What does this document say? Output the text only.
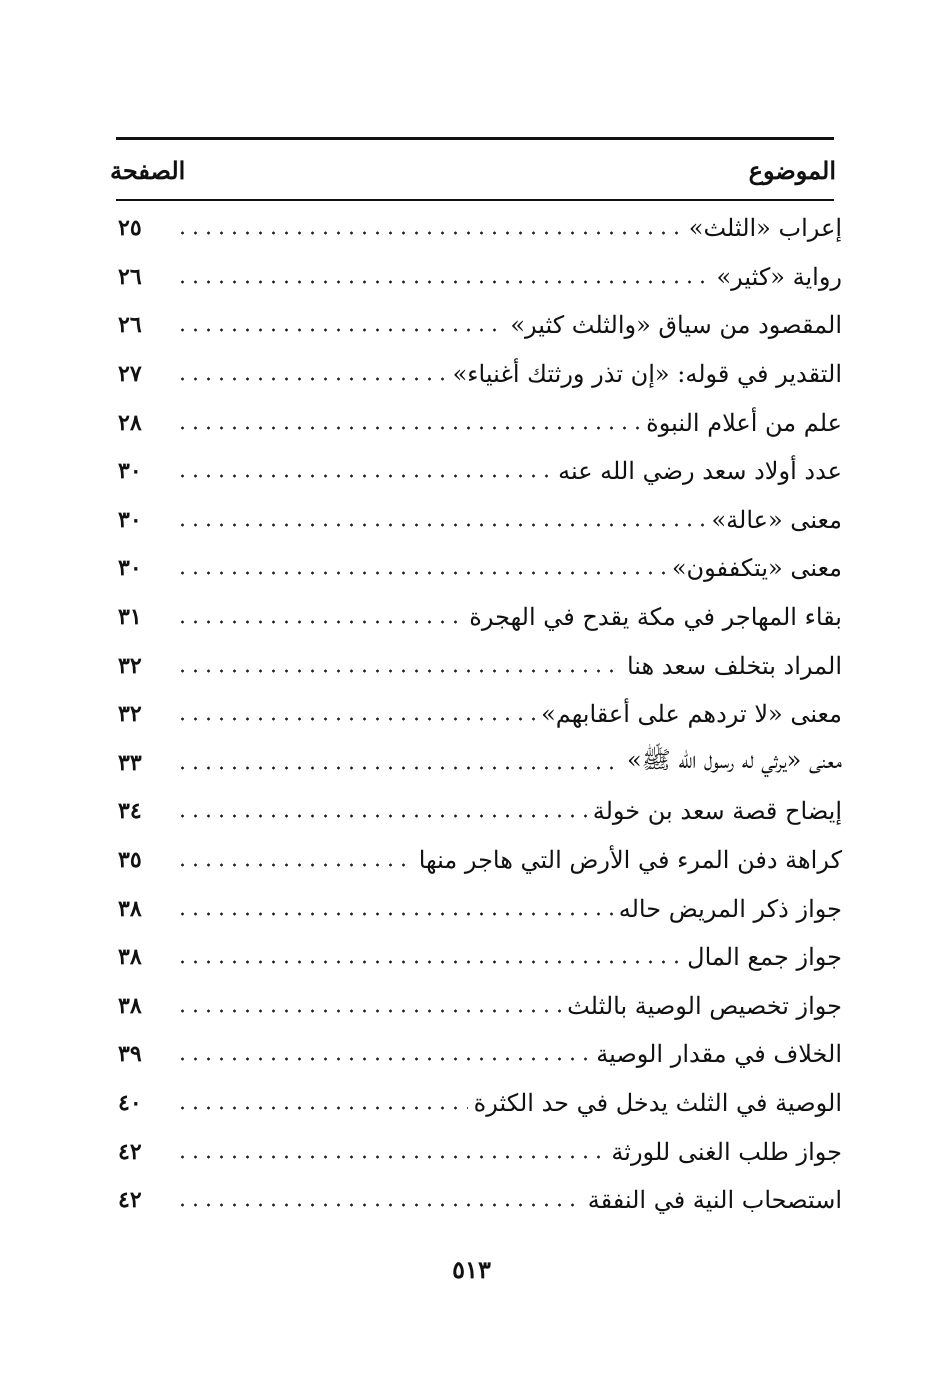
الموضوع
الصفحة
إعراب «الثلث»
٢٥
رواية «كثير»
٢٦
المقصود من سياق «والثلث كثير»
٢٦
التقدير في قوله: «إن تذر ورثتك أغنياء»
٢٧
علم من أعلام النبوة
٢٨
عدد أولاد سعد رضي الله عنه
٣٠
معنى «عالة»
٣٠
معنى «يتكففون»
٣٠
بقاء المهاجر في مكة يقدح في الهجرة
٣١
المراد بتخلف سعد هنا
٣٢
معنى «لا تردهم على أعقابهم»
٣٢
معنى «يرثي له رسول الله ﷺ»
٣٣
إيضاح قصة سعد بن خولة
٣٤
كراهة دفن المرء في الأرض التي هاجر منها
٣٥
جواز ذكر المريض حاله
٣٨
جواز جمع المال
٣٨
جواز تخصيص الوصية بالثلث
٣٨
الخلاف في مقدار الوصية
٣٩
الوصية في الثلث يدخل في حد الكثرة
٤٠
جواز طلب الغنى للورثة
٤٢
استصحاب النية في النفقة
٤٢
٥١٣
